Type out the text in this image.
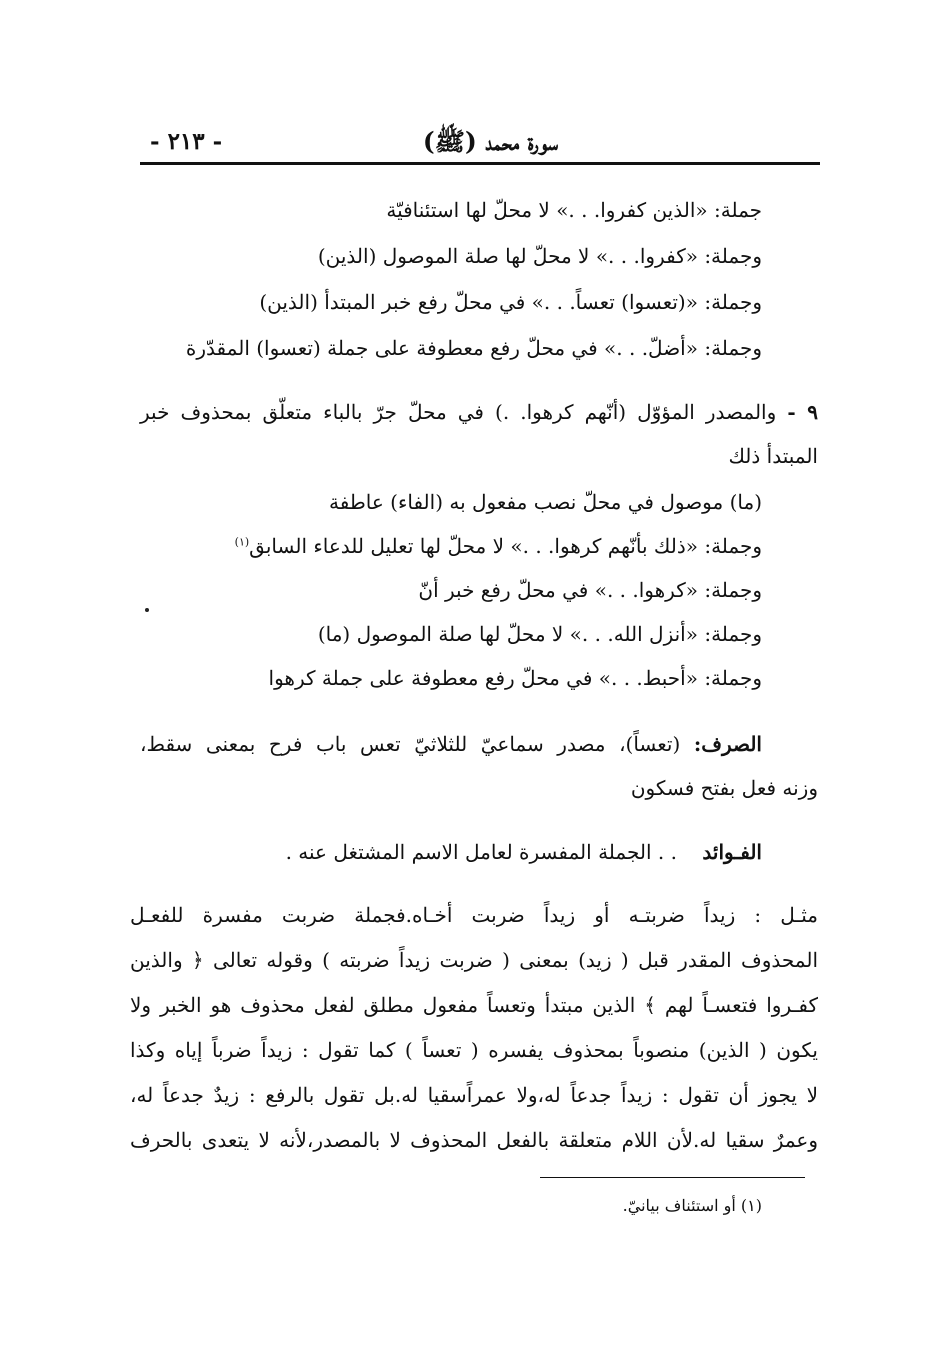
سورة محمد (ﷺ)
- ٢١٣ -
جملة: «الذين كفروا. . .» لا محلّ لها استئنافيّة
وجملة: «كفروا. . .» لا محلّ لها صلة الموصول (الذين)
وجملة: «(تعسوا) تعساً. . .» في محلّ رفع خبر المبتدأ (الذين)
وجملة: «أضلّ. . .» في محلّ رفع معطوفة على جملة (تعسوا) المقدّرة
٩ - والمصدر المؤوّل (أنّهم كرهوا. .) في محلّ جرّ بالباء متعلّق بمحذوف خبر
المبتدأ ذلك
(ما) موصول في محلّ نصب مفعول به (الفاء) عاطفة
وجملة: «ذلك بأنّهم كرهوا. . .» لا محلّ لها تعليل للدعاء السابق$^{(١)}$
وجملة: «كرهوا. . .» في محلّ رفع خبر أنّ
وجملة: «أنزل الله. . .» لا محلّ لها صلة الموصول (ما)
وجملة: «أحبط. . .» في محلّ رفع معطوفة على جملة كرهوا
الصرف: (تعساً)، مصدر سماعيّ للثلاثيّ تعس باب فرح بمعنى سقط،
وزنه فعل بفتح فسكون
الفـوائد    . . الجملة المفسرة لعامل الاسم المشتغل عنه .
مثـل : زيداً ضربتـه أو زيداً ضربت أخـاه.فجملة ضربت مفسرة للفعـل
المحذوف المقدر قبل ( زيد) بمعنى ( ضربت زيداً ضربته ) وقوله تعالى ﴿ والذين
كفـروا فتعسـاً لهم ﴾ الذين مبتدأ وتعساً مفعول مطلق لفعل محذوف هو الخبر ولا
يكون ( الذين) منصوباً بمحذوف يفسره ( تعساً ) كما تقول : زيداً ضرباً إياه وكذا
لا يجوز أن تقول : زيداً جدعاً له،ولا عمراًسقيا له.بل تقول بالرفع : زيدٌ جدعاً له،
وعمرٌ سقيا له.لأن اللام متعلقة بالفعل المحذوف لا بالمصدر،لأنه لا يتعدى بالحرف
(١) أو استئناف بيانيّ.
